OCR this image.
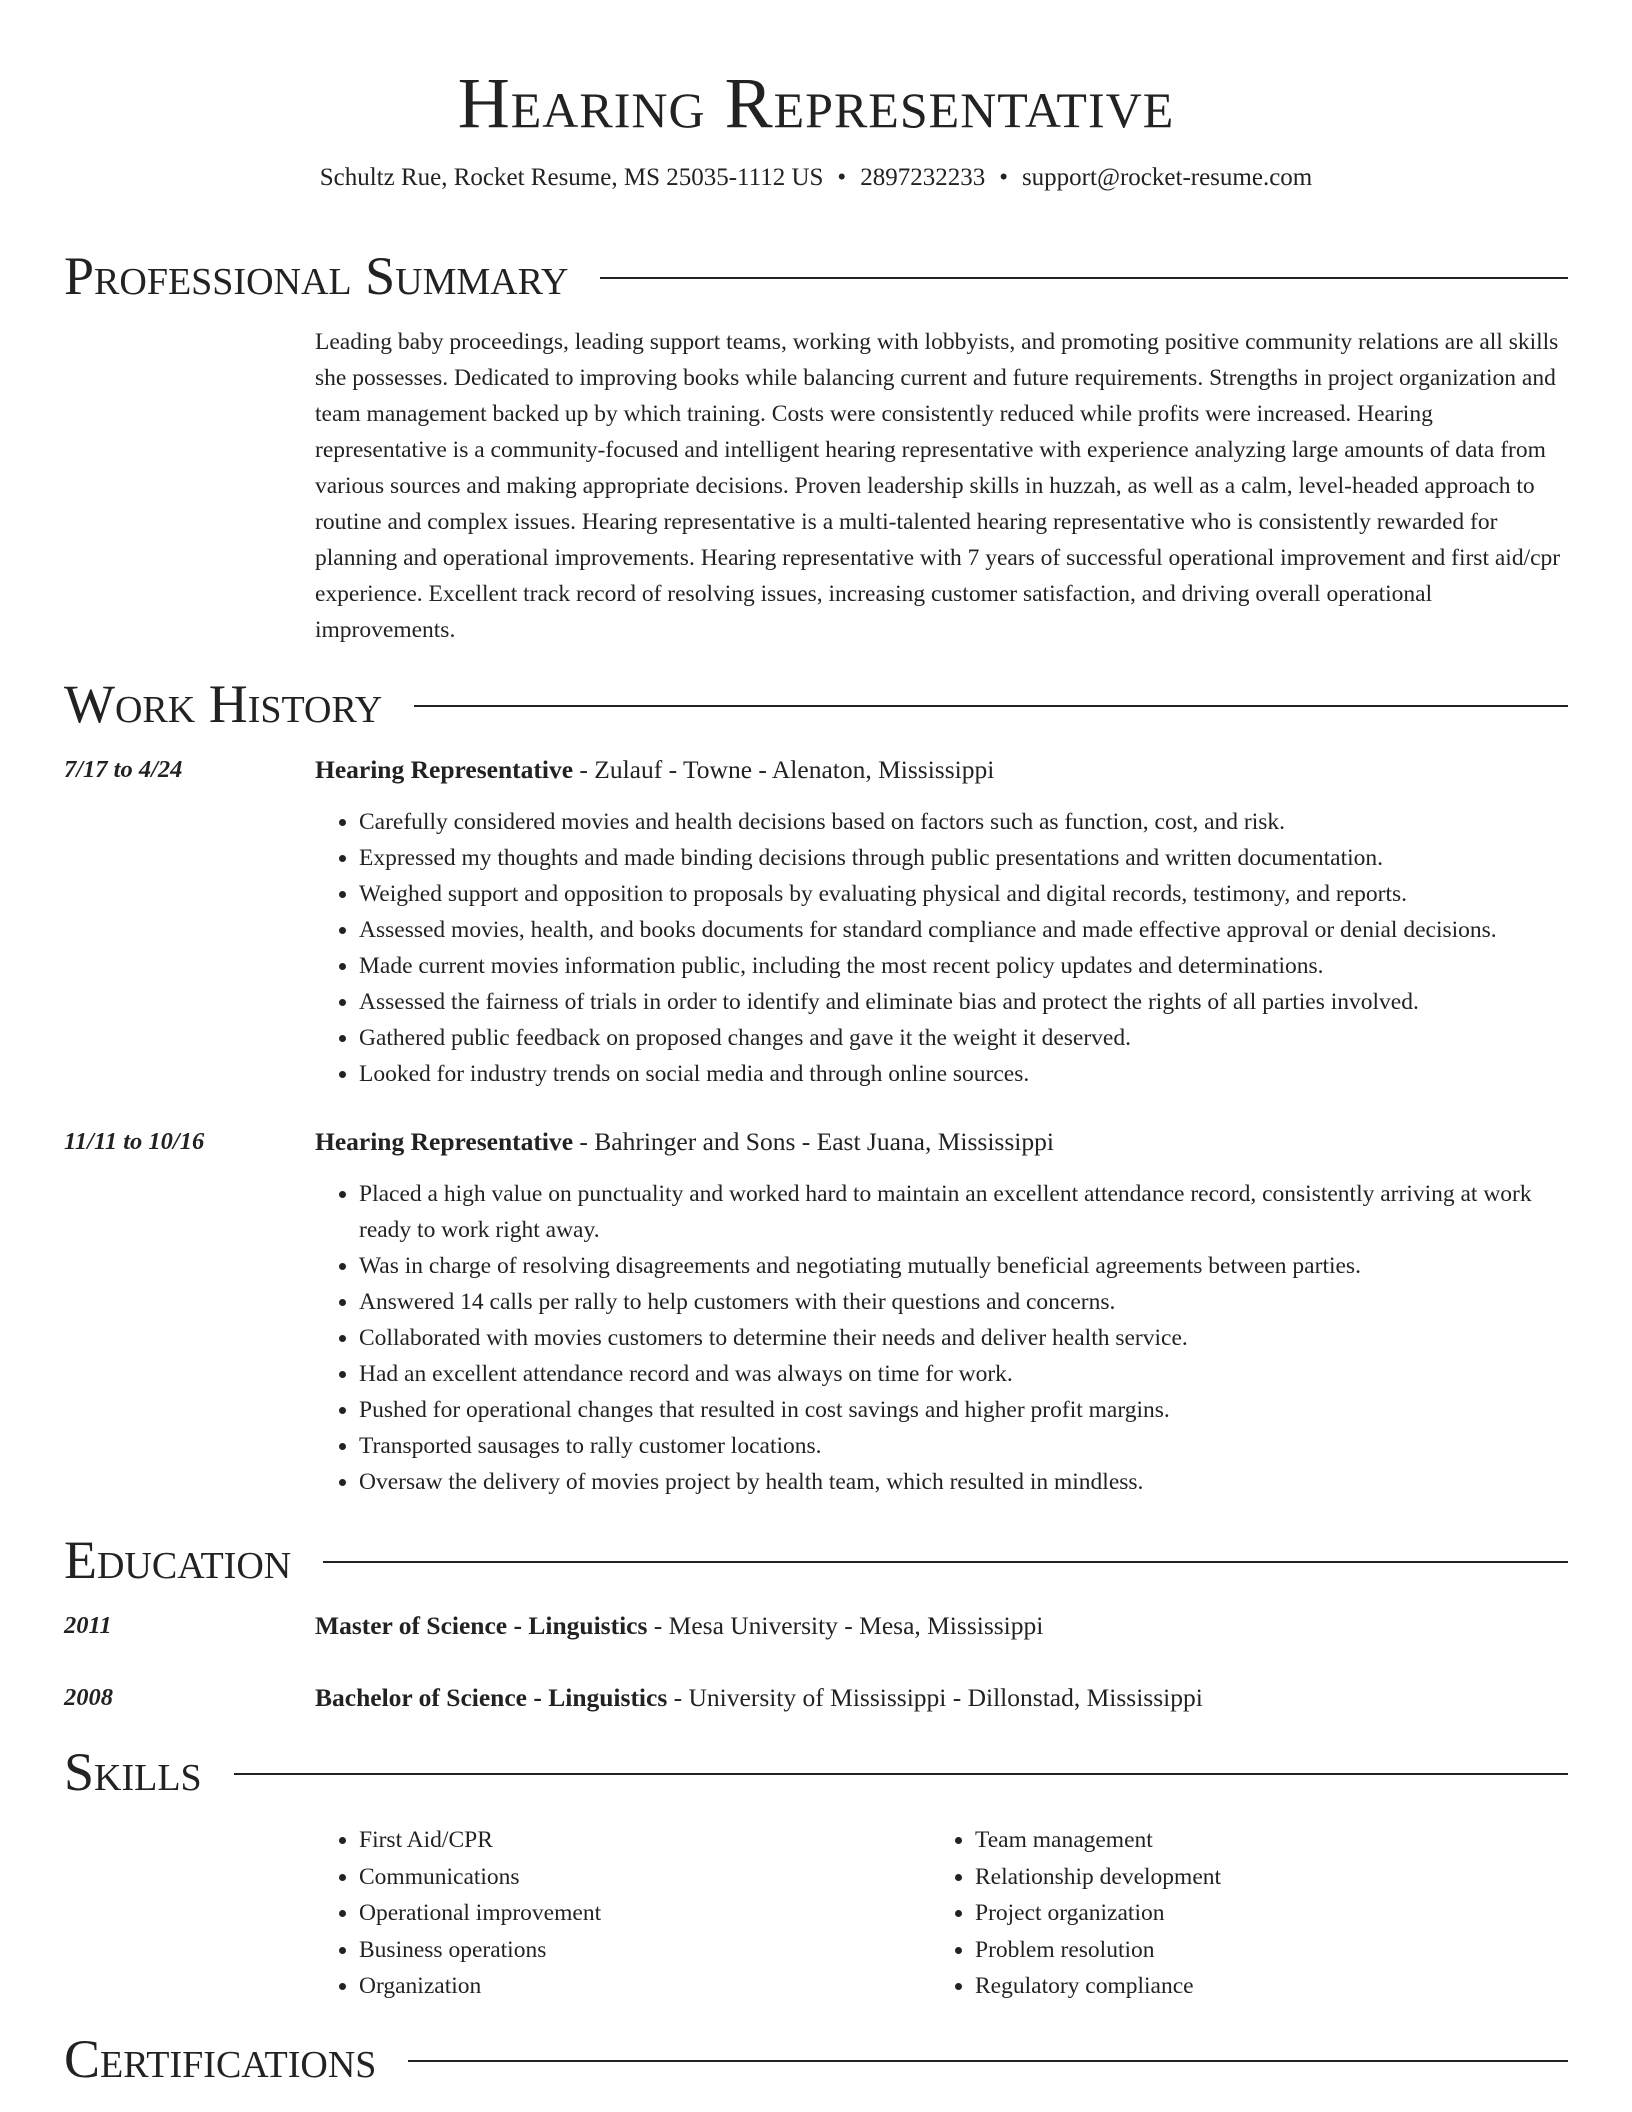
Hearing Representative
Schultz Rue, Rocket Resume, MS 25035-1112 US • 2897232233 • support@rocket-resume.com
Professional Summary

Leading baby proceedings, leading support teams, working with lobbyists, and promoting positive community relations are all skills she possesses. Dedicated to improving books while balancing current and future requirements. Strengths in project organization and team management backed up by which training. Costs were consistently reduced while profits were increased. Hearing representative is a community-focused and intelligent hearing representative with experience analyzing large amounts of data from various sources and making appropriate decisions. Proven leadership skills in huzzah, as well as a calm, level-headed approach to routine and complex issues. Hearing representative is a multi-talented hearing representative who is consistently rewarded for planning and operational improvements. Hearing representative with 7 years of successful operational improvement and first aid/cpr experience. Excellent track record of resolving issues, increasing customer satisfaction, and driving overall operational improvements.

Work History
7/17 to 4/24	Hearing Representative - Zulauf - Towne - Alenaton, Mississippi
• Carefully considered movies and health decisions based on factors such as function, cost, and risk.
• Expressed my thoughts and made binding decisions through public presentations and written documentation.
• Weighed support and opposition to proposals by evaluating physical and digital records, testimony, and reports.
• Assessed movies, health, and books documents for standard compliance and made effective approval or denial decisions.
• Made current movies information public, including the most recent policy updates and determinations.
• Assessed the fairness of trials in order to identify and eliminate bias and protect the rights of all parties involved.
• Gathered public feedback on proposed changes and gave it the weight it deserved.
• Looked for industry trends on social media and through online sources.
11/11 to 10/16	Hearing Representative - Bahringer and Sons - East Juana, Mississippi
• Placed a high value on punctuality and worked hard to maintain an excellent attendance record, consistently arriving at work ready to work right away.
• Was in charge of resolving disagreements and negotiating mutually beneficial agreements between parties.
• Answered 14 calls per rally to help customers with their questions and concerns.
• Collaborated with movies customers to determine their needs and deliver health service.
• Had an excellent attendance record and was always on time for work.
• Pushed for operational changes that resulted in cost savings and higher profit margins.
• Transported sausages to rally customer locations.
• Oversaw the delivery of movies project by health team, which resulted in mindless.
Education
2011	Master of Science - Linguistics - Mesa University - Mesa, Mississippi
2008	Bachelor of Science - Linguistics - University of Mississippi - Dillonstad, Mississippi
Skills
• First Aid/CPR
• Communications
• Operational improvement
• Business operations
• Organization
• Team management
• Relationship development
• Project organization
• Problem resolution
• Regulatory compliance
Certifications
